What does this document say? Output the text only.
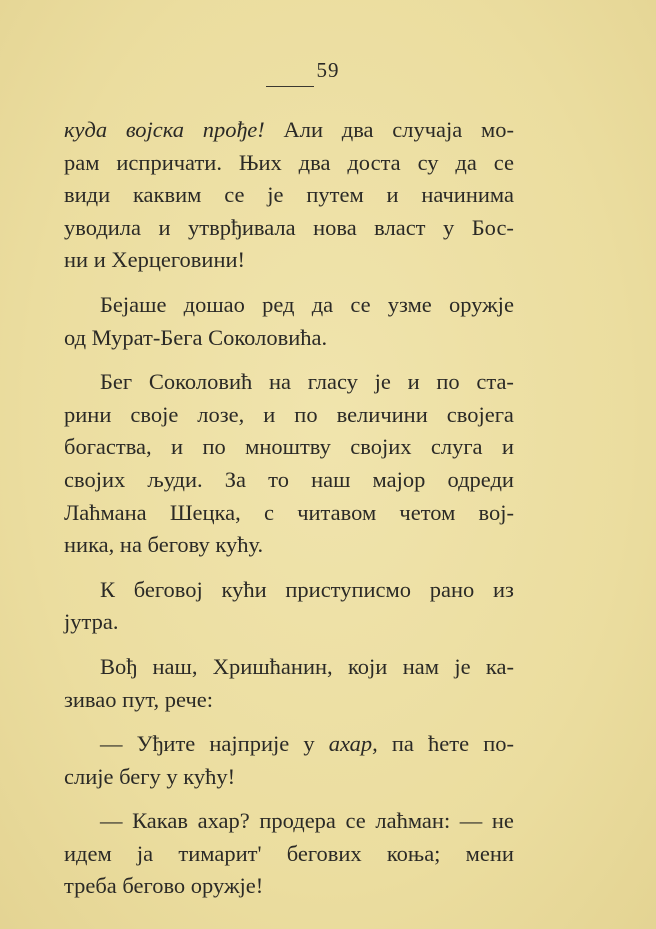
59
куда војска прође! Али два случаја мо-
рам испричати. Њих два доста су да се
види каквим се је путем и начинима
уводила и утврђивала нова власт у Бос-
ни и Херцеговини!
Бејаше дошао ред да се узме оружје
од Мурат-Бега Соколовића.
Бег Соколовић на гласу је и по ста-
рини своје лозе, и по величини својега
богаства, и по мноштву својих слуга и
својих људи. За то наш мајор одреди
Лаћмана Шецка, с читавом четом вој-
ника, на бегову кућу.
К беговој кући приступисмо рано из
јутра.
Вођ наш, Хришћанин, који нам је ка-
зивао пут, рече:
— Уђите најприје у ахар, па ћете по-
слије бегу у кућу!
— Какав ахар? продера се лаћман: — не
идем ја тимарит' бегових коња; мени
треба бегово оружје!
